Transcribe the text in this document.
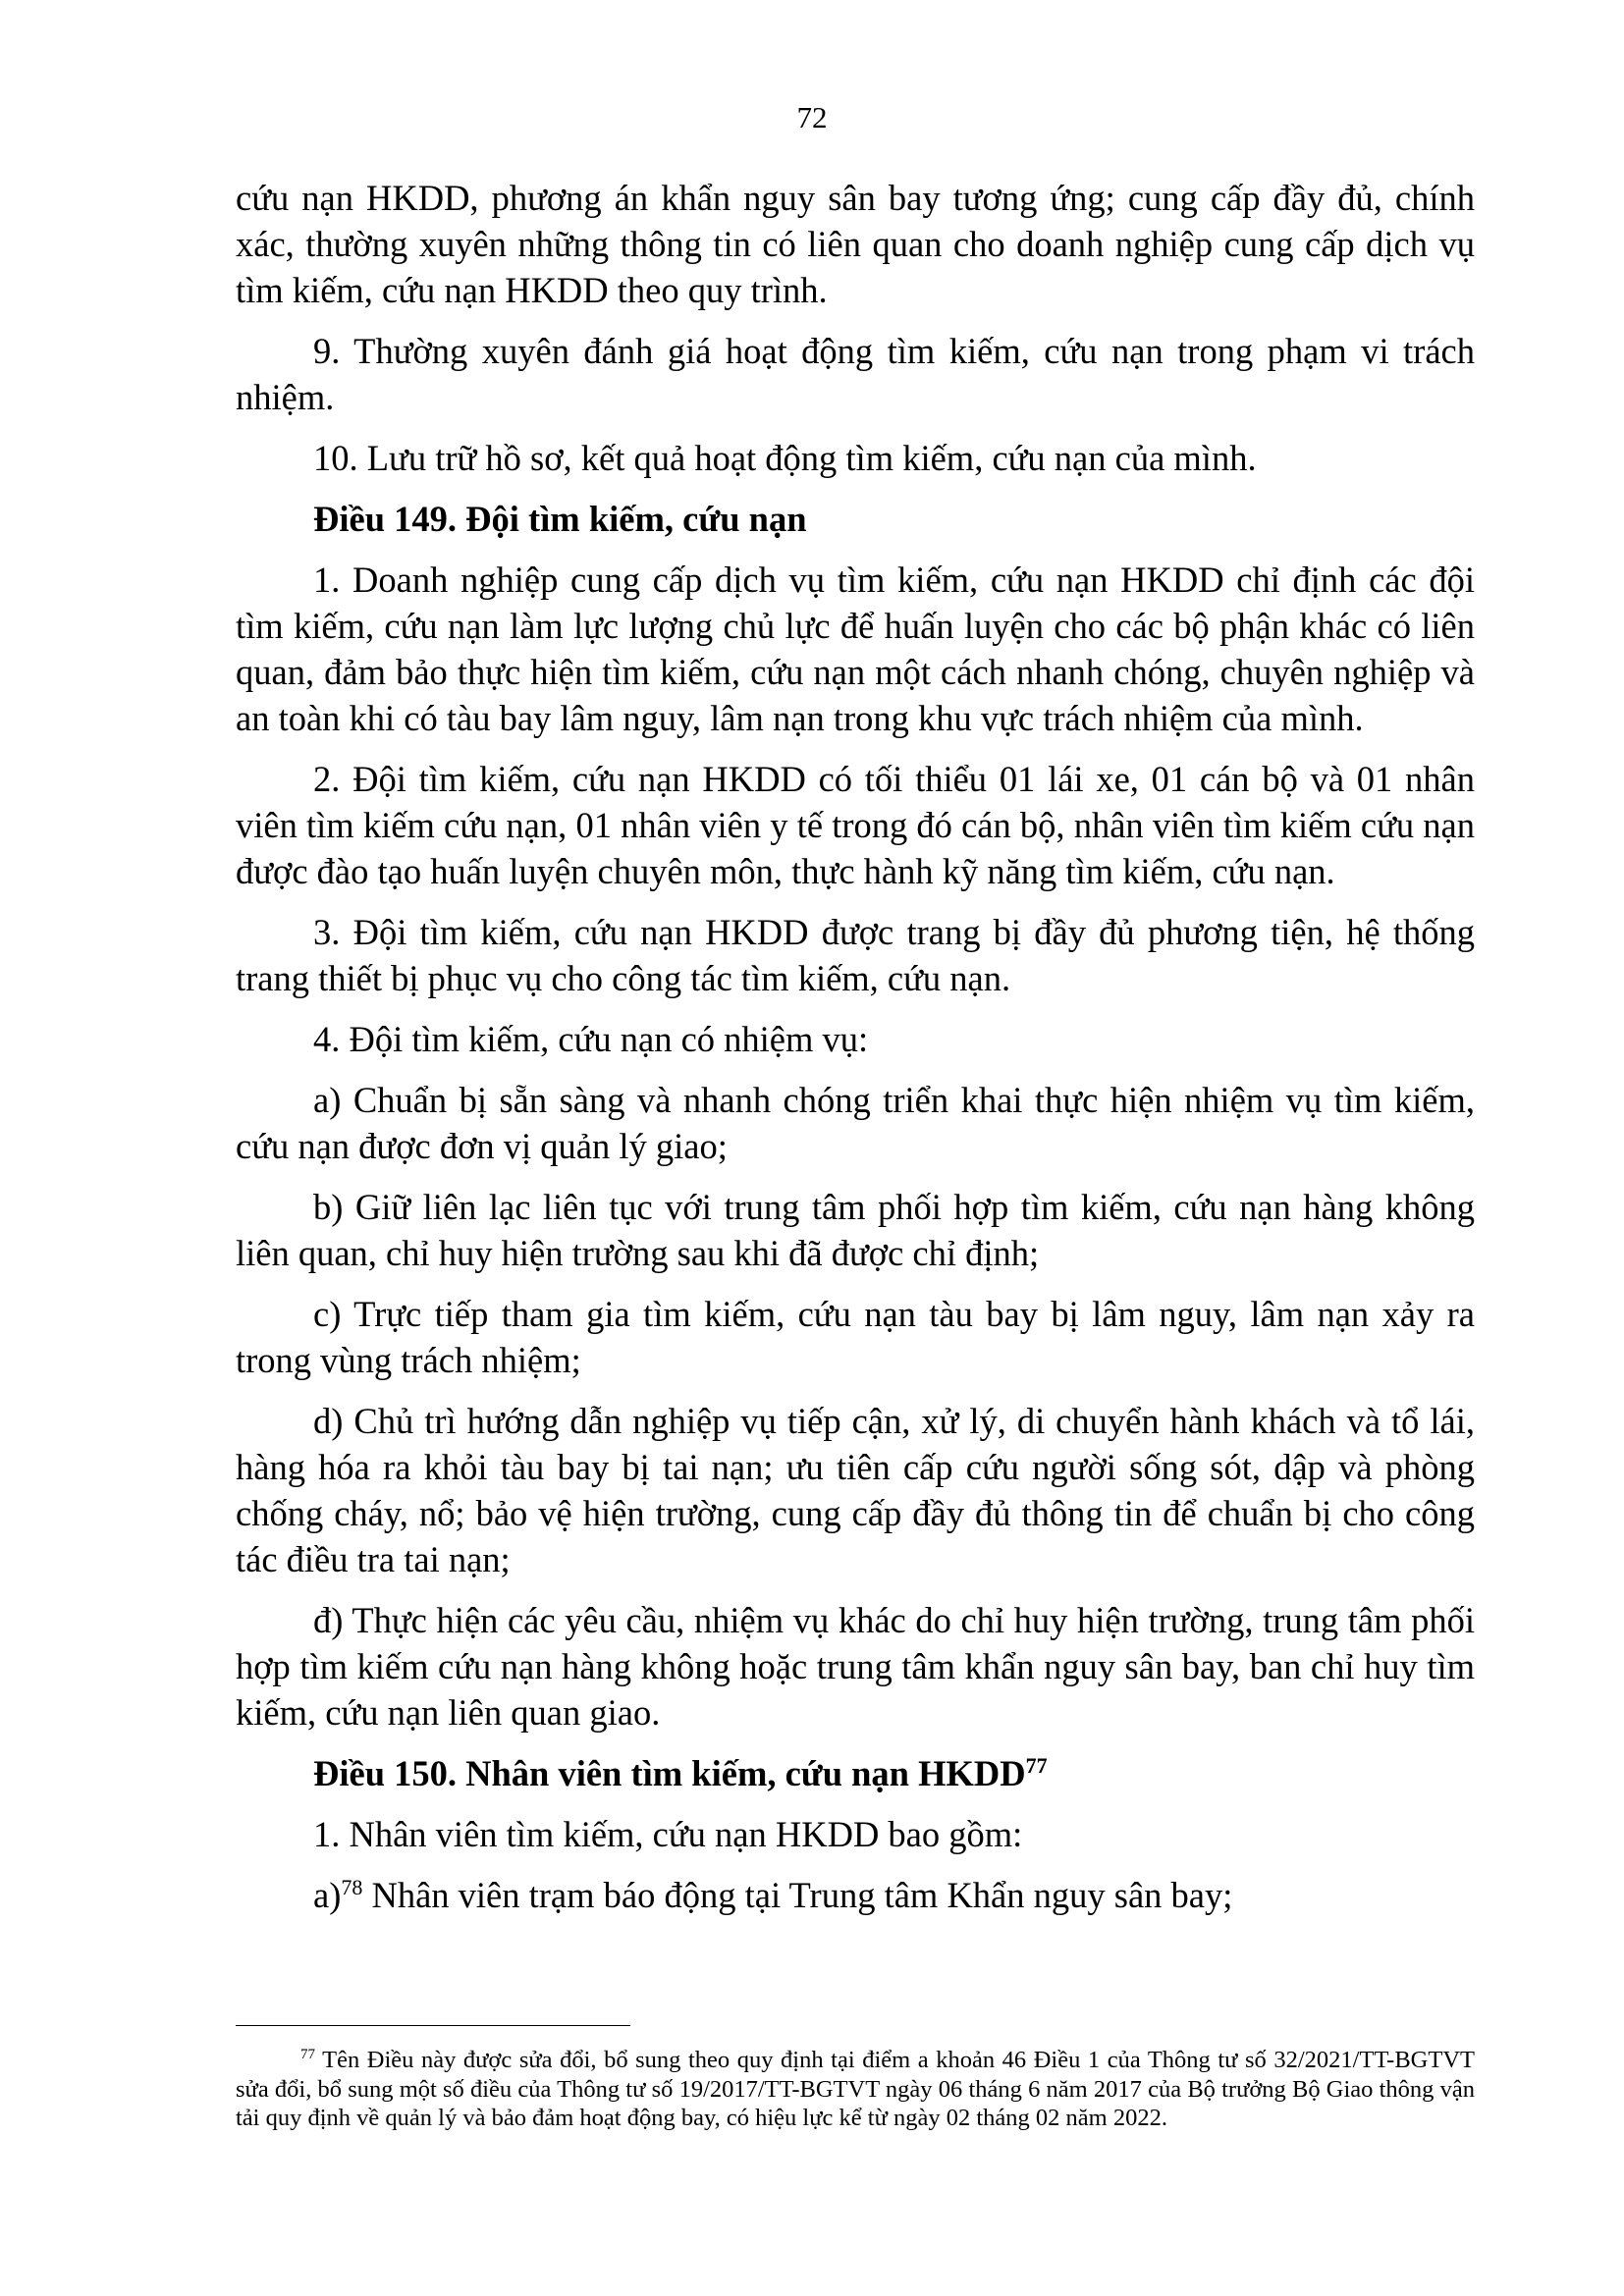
72

cứu nạn HKDD, phương án khẩn nguy sân bay tương ứng; cung cấp đầy đủ, chính xác, thường xuyên những thông tin có liên quan cho doanh nghiệp cung cấp dịch vụ tìm kiếm, cứu nạn HKDD theo quy trình.

9. Thường xuyên đánh giá hoạt động tìm kiếm, cứu nạn trong phạm vi trách nhiệm.

10. Lưu trữ hồ sơ, kết quả hoạt động tìm kiếm, cứu nạn của mình.

Điều 149. Đội tìm kiếm, cứu nạn

1. Doanh nghiệp cung cấp dịch vụ tìm kiếm, cứu nạn HKDD chỉ định các đội tìm kiếm, cứu nạn làm lực lượng chủ lực để huấn luyện cho các bộ phận khác có liên quan, đảm bảo thực hiện tìm kiếm, cứu nạn một cách nhanh chóng, chuyên nghiệp và an toàn khi có tàu bay lâm nguy, lâm nạn trong khu vực trách nhiệm của mình.

2. Đội tìm kiếm, cứu nạn HKDD có tối thiểu 01 lái xe, 01 cán bộ và 01 nhân viên tìm kiếm cứu nạn, 01 nhân viên y tế trong đó cán bộ, nhân viên tìm kiếm cứu nạn được đào tạo huấn luyện chuyên môn, thực hành kỹ năng tìm kiếm, cứu nạn.

3. Đội tìm kiếm, cứu nạn HKDD được trang bị đầy đủ phương tiện, hệ thống trang thiết bị phục vụ cho công tác tìm kiếm, cứu nạn.

4. Đội tìm kiếm, cứu nạn có nhiệm vụ:

a) Chuẩn bị sẵn sàng và nhanh chóng triển khai thực hiện nhiệm vụ tìm kiếm, cứu nạn được đơn vị quản lý giao;

b) Giữ liên lạc liên tục với trung tâm phối hợp tìm kiếm, cứu nạn hàng không liên quan, chỉ huy hiện trường sau khi đã được chỉ định;

c) Trực tiếp tham gia tìm kiếm, cứu nạn tàu bay bị lâm nguy, lâm nạn xảy ra trong vùng trách nhiệm;

d) Chủ trì hướng dẫn nghiệp vụ tiếp cận, xử lý, di chuyển hành khách và tổ lái, hàng hóa ra khỏi tàu bay bị tai nạn; ưu tiên cấp cứu người sống sót, dập và phòng chống cháy, nổ; bảo vệ hiện trường, cung cấp đầy đủ thông tin để chuẩn bị cho công tác điều tra tai nạn;

đ) Thực hiện các yêu cầu, nhiệm vụ khác do chỉ huy hiện trường, trung tâm phối hợp tìm kiếm cứu nạn hàng không hoặc trung tâm khẩn nguy sân bay, ban chỉ huy tìm kiếm, cứu nạn liên quan giao.

Điều 150. Nhân viên tìm kiếm, cứu nạn HKDD$^{77}$

1. Nhân viên tìm kiếm, cứu nạn HKDD bao gồm:

a)$^{78}$ Nhân viên trạm báo động tại Trung tâm Khẩn nguy sân bay;

$^{77}$ Tên Điều này được sửa đổi, bổ sung theo quy định tại điểm a khoản 46 Điều 1 của Thông tư số 32/2021/TT-BGTVT sửa đổi, bổ sung một số điều của Thông tư số 19/2017/TT-BGTVT ngày 06 tháng 6 năm 2017 của Bộ trưởng Bộ Giao thông vận tải quy định về quản lý và bảo đảm hoạt động bay, có hiệu lực kể từ ngày 02 tháng 02 năm 2022.
